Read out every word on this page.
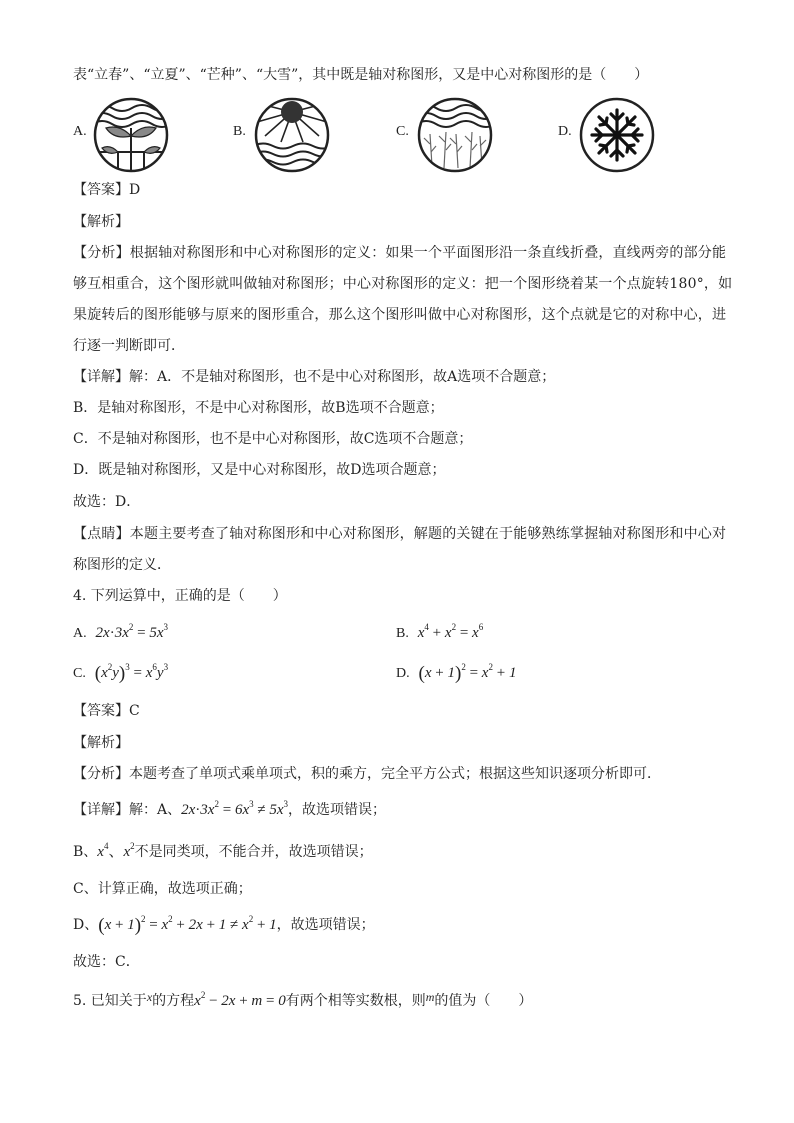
表“立春”、“立夏”、“芒种”、“大雪”，其中既是轴对称图形，又是中心对称图形的是（　　）
A.	B.	C.	D.
【答案】D
【解析】
【分析】根据轴对称图形和中心对称图形的定义：如果一个平面图形沿一条直线折叠，直线两旁的部分能
够互相重合，这个图形就叫做轴对称图形；中心对称图形的定义：把一个图形绕着某一个点旋转180°，如
果旋转后的图形能够与原来的图形重合，那么这个图形叫做中心对称图形，这个点就是它的对称中心，进
行逐一判断即可．
【详解】解：A．不是轴对称图形，也不是中心对称图形，故A选项不合题意；
B．是轴对称图形，不是中心对称图形，故B选项不合题意；
C．不是轴对称图形，也不是中心对称图形，故C选项不合题意；
D．既是轴对称图形，又是中心对称图形，故D选项合题意；
故选：D．
【点睛】本题主要考查了轴对称图形和中心对称图形，解题的关键在于能够熟练掌握轴对称图形和中心对
称图形的定义．
4. 下列运算中，正确的是（　　）
A. $2x\cdot 3x^2 = 5x^3$	B. $x^4 + x^2 = x^6$
C. $(x^2y)^3 = x^6y^3$	D. $(x + 1)^2 = x^2 + 1$
【答案】C
【解析】
【分析】本题考查了单项式乘单项式，积的乘方，完全平方公式；根据这些知识逐项分析即可．
【详解】解：A、$2x\cdot 3x^2 = 6x^3 \ne 5x^3$，故选项错误；
B、$x^4$、$x^2$不是同类项，不能合并，故选项错误；
C、计算正确，故选项正确；
D、$(x + 1)^2 = x^2 + 2x + 1 \ne x^2 + 1$，故选项错误；
故选：C．
5. 已知关于x的方程$x^2 - 2x + m = 0$有两个相等实数根，则m的值为（　　）
